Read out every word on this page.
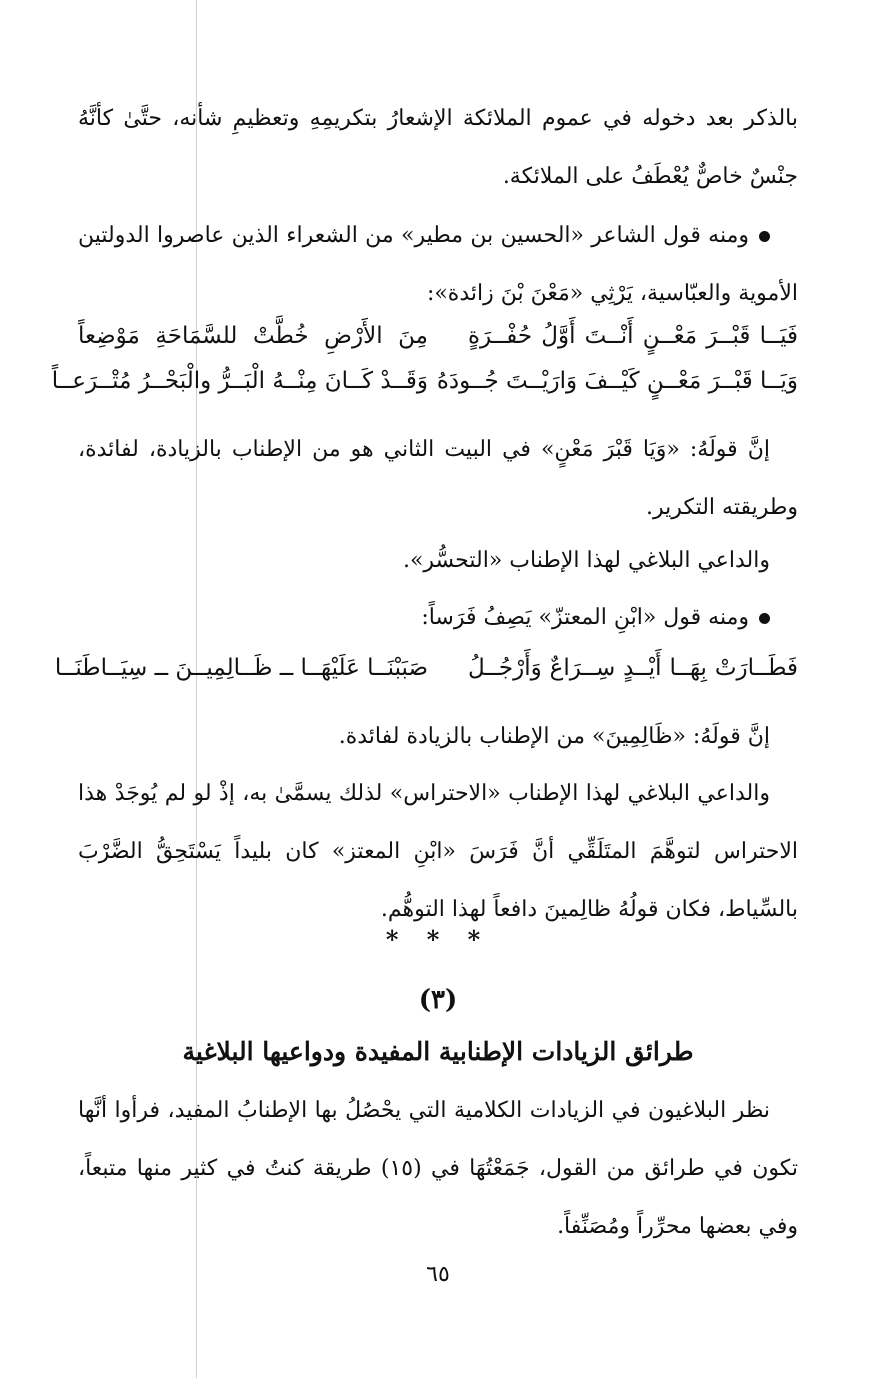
بالذكر بعد دخوله في عموم الملائكة الإشعارُ بتكريمِهِ وتعظيمِ شأنه، حتَّىٰ كأنَّهُ جنْسٌ خاصٌّ يُعْطَفُ على الملائكة.

ومنه قول الشاعر «الحسين بن مطير» من الشعراء الذين عاصروا الدولتين الأموية والعبّاسية، يَرْثِي «مَعْنَ بْنَ زائدة»:

فَيَــا قَبْــرَ مَعْــنٍ أَنْــتَ أَوَّلُ حُفْــرَةٍ
مِنَ الأَرْضِ خُطَّتْ للسَّمَاحَةِ مَوْضِعاً
وَيَــا قَبْــرَ مَعْــنٍ كَيْــفَ وَارَيْــتَ جُــودَهُ
وَقَــدْ كَــانَ مِنْــهُ الْبَــرُّ والْبَحْــرُ مُتْــرَعــاً

إنَّ قولَهُ: «وَيَا قَبْرَ مَعْنٍ» في البيت الثاني هو من الإطناب بالزيادة، لفائدة، وطريقته التكرير.

والداعي البلاغي لهذا الإطناب «التحسُّر».

ومنه قول «ابْنِ المعتزّ» يَصِفُ فَرَساً:

صَبَبْنَــا عَلَيْهَــا ــ ظَــالِمِيــنَ ــ سِيَــاطَنَــا فَطَــارَتْ بِهَــا أَيْــدٍ سِــرَاعٌ وَأَرْجُــلُ

إنَّ قولَهُ: «ظَالِمِينَ» من الإطناب بالزيادة لفائدة.

والداعي البلاغي لهذا الإطناب «الاحتراس» لذلك يسمَّىٰ به، إذْ لو لم يُوجَدْ هذا الاحتراس لتوهَّمَ المتَلَقِّي أنَّ فَرَسَ «ابْنِ المعتز» كان بليداً يَسْتَحِقُّ الضَّرْبَ بالسِّياط، فكان قولُهُ ظالِمينَ دافعاً لهذا التوهُّم.

* * *

(٣)

طرائق الزيادات الإطنابية المفيدة ودواعيها البلاغية

نظر البلاغيون في الزيادات الكلامية التي يحْصُلُ بها الإطنابُ المفيد، فرأوا أنَّها تكون في طرائق من القول، جَمَعْتُهَا في (١٥) طريقة كنتُ في كثير منها متبعاً، وفي بعضها محرِّراً ومُصَنِّفاً.

٦٥
